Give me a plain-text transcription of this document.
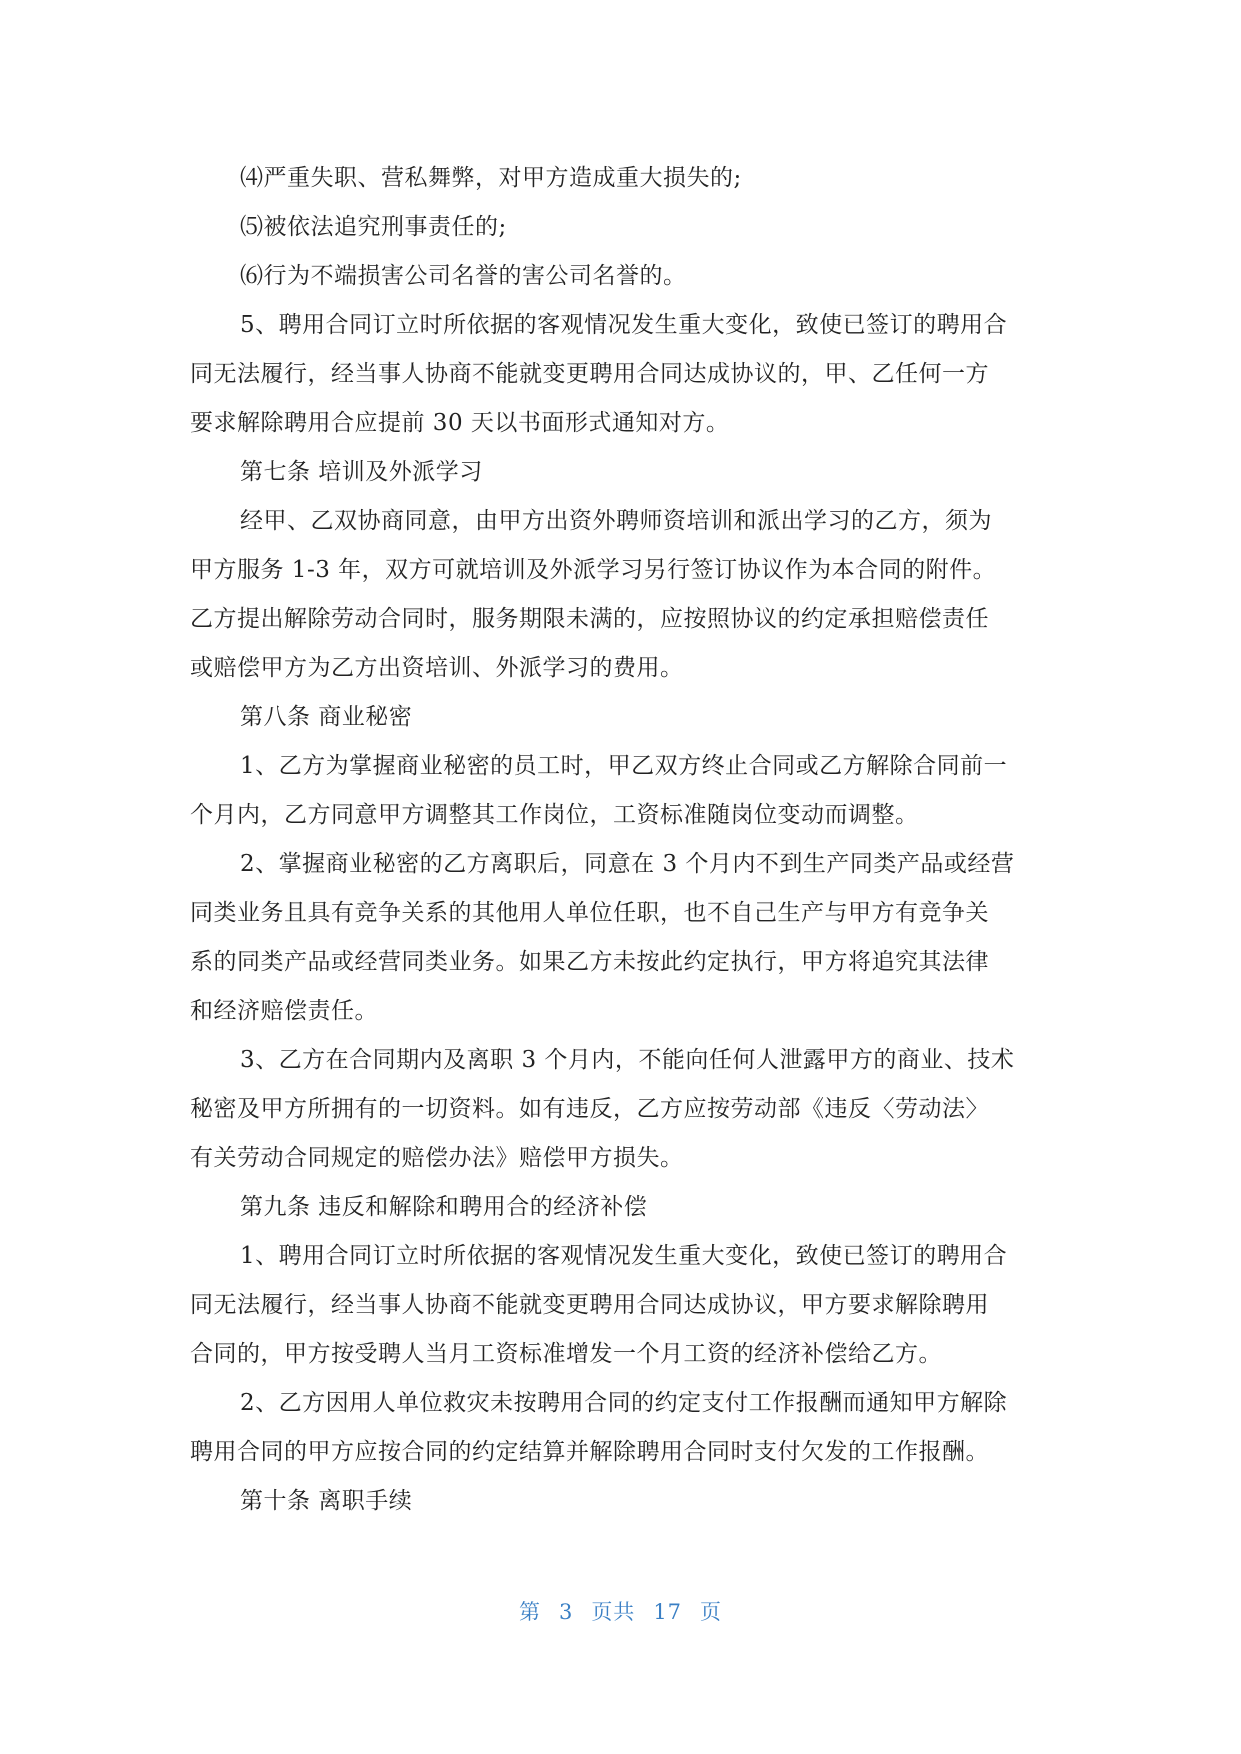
⑷严重失职、营私舞弊，对甲方造成重大损失的;
⑸被依法追究刑事责任的;
⑹行为不端损害公司名誉的害公司名誉的。
5、聘用合同订立时所依据的客观情况发生重大变化，致使已签订的聘用合
同无法履行，经当事人协商不能就变更聘用合同达成协议的，甲、乙任何一方
要求解除聘用合应提前 30 天以书面形式通知对方。
第七条 培训及外派学习
经甲、乙双协商同意，由甲方出资外聘师资培训和派出学习的乙方，须为
甲方服务 1-3 年，双方可就培训及外派学习另行签订协议作为本合同的附件。
乙方提出解除劳动合同时，服务期限未满的，应按照协议的约定承担赔偿责任
或赔偿甲方为乙方出资培训、外派学习的费用。
第八条 商业秘密
1、乙方为掌握商业秘密的员工时，甲乙双方终止合同或乙方解除合同前一
个月内，乙方同意甲方调整其工作岗位，工资标准随岗位变动而调整。
2、掌握商业秘密的乙方离职后，同意在 3 个月内不到生产同类产品或经营
同类业务且具有竞争关系的其他用人单位任职，也不自己生产与甲方有竞争关
系的同类产品或经营同类业务。如果乙方未按此约定执行，甲方将追究其法律
和经济赔偿责任。
3、乙方在合同期内及离职 3 个月内，不能向任何人泄露甲方的商业、技术
秘密及甲方所拥有的一切资料。如有违反，乙方应按劳动部《违反〈劳动法〉
有关劳动合同规定的赔偿办法》赔偿甲方损失。
第九条 违反和解除和聘用合的经济补偿
1、聘用合同订立时所依据的客观情况发生重大变化，致使已签订的聘用合
同无法履行，经当事人协商不能就变更聘用合同达成协议，甲方要求解除聘用
合同的，甲方按受聘人当月工资标准增发一个月工资的经济补偿给乙方。
2、乙方因用人单位救灾未按聘用合同的约定支付工作报酬而通知甲方解除
聘用合同的甲方应按合同的约定结算并解除聘用合同时支付欠发的工作报酬。
第十条 离职手续
第 3 页共 17 页
